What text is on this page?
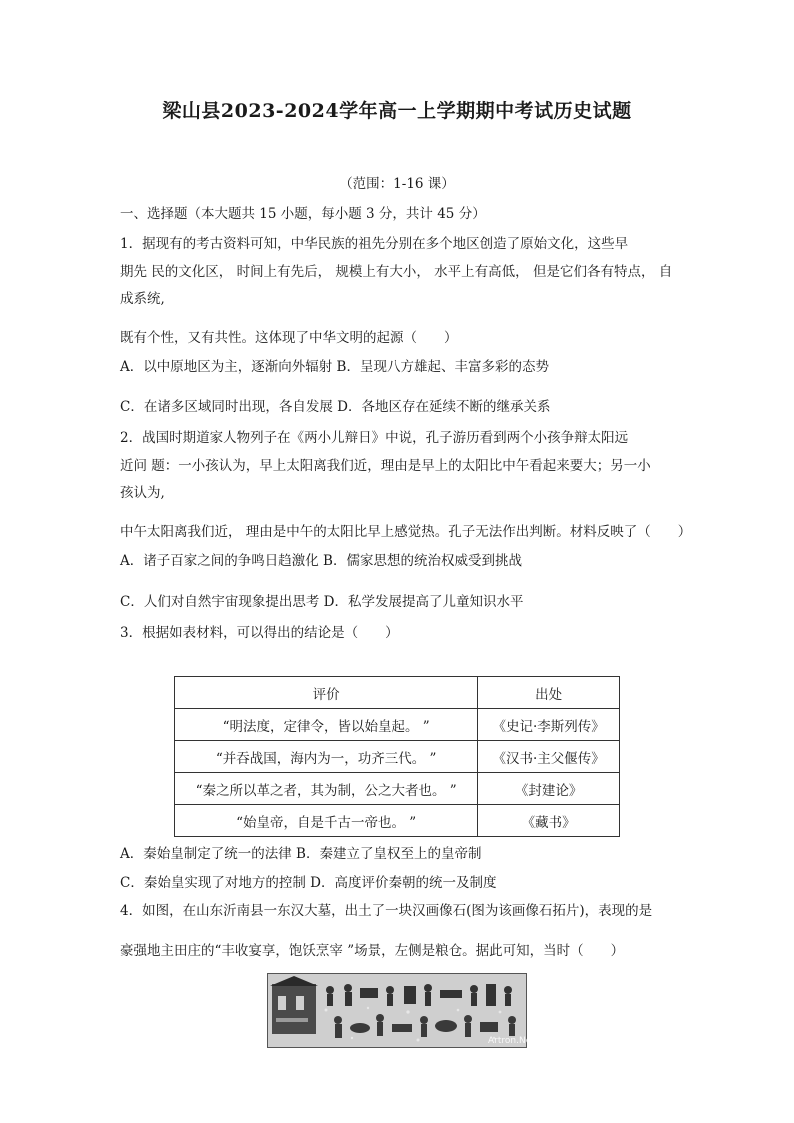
梁山县2023-2024学年高一上学期期中考试历史试题
（范围：1-16 课）
一、选择题（本大题共 15 小题，每小题 3 分，共计 45 分）
1．据现有的考古资料可知，中华民族的祖先分别在多个地区创造了原始文化，这些早
期先 民的文化区， 时间上有先后， 规模上有大小， 水平上有高低， 但是它们各有特点， 自
成系统,
既有个性，又有共性。这体现了中华文明的起源（　　）
A．以中原地区为主，逐渐向外辐射 B．呈现八方雄起、丰富多彩的态势
C．在诸多区域同时出现，各自发展 D．各地区存在延续不断的继承关系
2．战国时期道家人物列子在《两小儿辩日》中说，孔子游历看到两个小孩争辩太阳远
近问 题：一小孩认为，早上太阳离我们近，理由是早上的太阳比中午看起来要大；另一小
孩认为,
中午太阳离我们近， 理由是中午的太阳比早上感觉热。孔子无法作出判断。材料反映了（　　）
A．诸子百家之间的争鸣日趋激化 B．儒家思想的统治权威受到挑战
C．人们对自然宇宙现象提出思考 D．私学发展提高了儿童知识水平
3．根据如表材料，可以得出的结论是（　　）
评价	出处
“明法度，定律令，皆以始皇起。 ”	《史记·李斯列传》
“并吞战国，海内为一，功齐三代。 ”	《汉书·主父偃传》
“秦之所以革之者，其为制，公之大者也。 ”	《封建论》
“始皇帝，自是千古一帝也。 ”	《藏书》
A．秦始皇制定了统一的法律 B．秦建立了皇权至上的皇帝制
C．秦始皇实现了对地方的控制 D．高度评价秦朝的统一及制度
4．如图，在山东沂南县一东汉大墓，出土了一块汉画像石(图为该画像石拓片)，表现的是
豪强地主田庄的“丰收宴享，饱饫烹宰 ”场景，左侧是粮仓。据此可知，当时（　　）
Artron.Net
